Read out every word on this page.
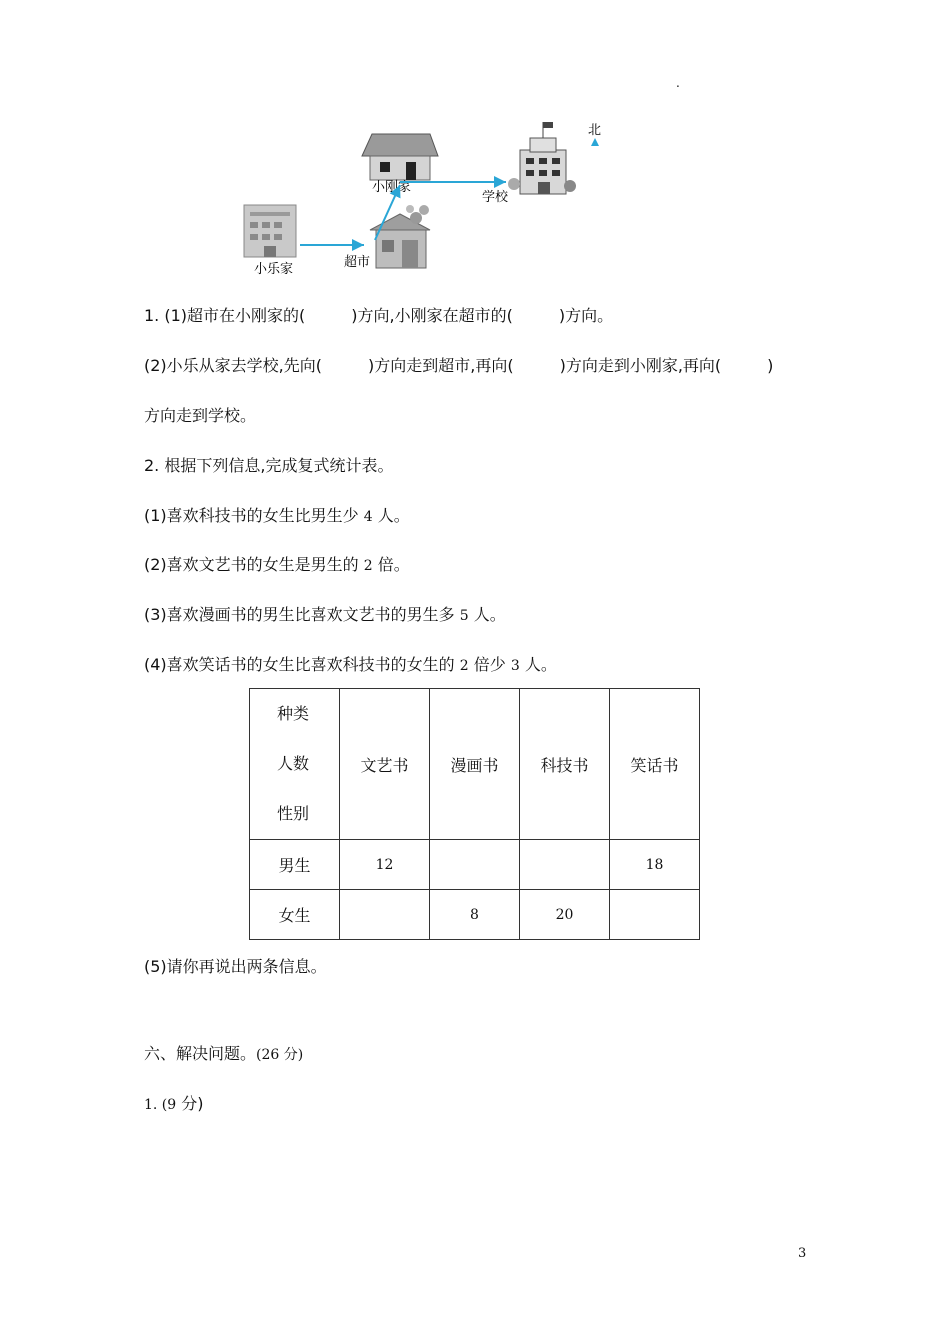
.
小乐家	超市
小刚家
学校
北
1. (1)超市在小刚家的(	)方向,小刚家在超市的(	)方向。
(2)小乐从家去学校,先向(	)方向走到超市,再向(	)方向走到小刚家,再向(	)
方向走到学校。
2. 根据下列信息,完成复式统计表。
(1)喜欢科技书的女生比男生少 4 人。
(2)喜欢文艺书的女生是男生的 2 倍。
(3)喜欢漫画书的男生比喜欢文艺书的男生多 5 人。
(4)喜欢笑话书的女生比喜欢科技书的女生的 2 倍少 3 人。
种类
人数
性别	文艺书	漫画书	科技书	笑话书
男生	12			18
女生		8	20	
(5)请你再说出两条信息。
六、解决问题。(26 分)
1. (9 分)
3
